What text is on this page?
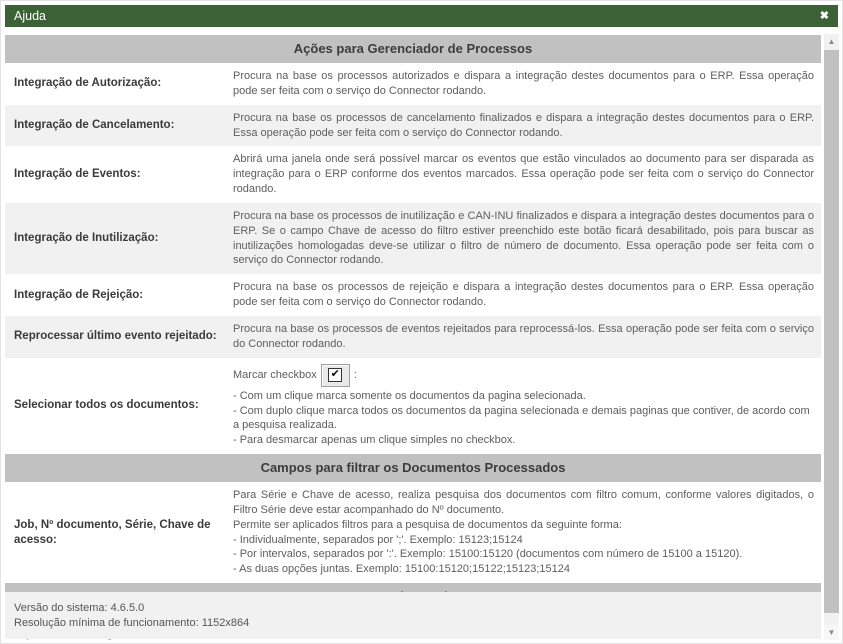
Ajuda	✖
Ações para Gerenciador de Processos
Integração de Autorização:
Procura na base os processos autorizados e dispara a integração destes documentos para o ERP. Essa operação pode ser feita com o serviço do Connector rodando.
Integração de Cancelamento:
Procura na base os processos de cancelamento finalizados e dispara a integração destes documentos para o ERP. Essa operação pode ser feita com o serviço do Connector rodando.
Integração de Eventos:
Abrirá uma janela onde será possível marcar os eventos que estão vinculados ao documento para ser disparada as integração para o ERP conforme dos eventos marcados. Essa operação pode ser feita com o serviço do Connector rodando.
Integração de Inutilização:
Procura na base os processos de inutilização e CAN-INU finalizados e dispara a integração destes documentos para o ERP. Se o campo Chave de acesso do filtro estiver preenchido este botão ficará desabilitado, pois para buscar as inutilizações homologadas deve-se utilizar o filtro de número de documento. Essa operação pode ser feita com o serviço do Connector rodando.
Integração de Rejeição:
Procura na base os processos de rejeição e dispara a integração destes documentos para o ERP. Essa operação pode ser feita com o serviço do Connector rodando.
Reprocessar último evento rejeitado:
Procura na base os processos de eventos rejeitados para reprocessá-los. Essa operação pode ser feita com o serviço do Connector rodando.
Selecionar todos os documentos:
Marcar checkbox ✔	:
- Com um clique marca somente os documentos da pagina selecionada.
- Com duplo clique marca todos os documentos da pagina selecionada e demais paginas que contiver, de acordo com a pesquisa realizada.
- Para desmarcar apenas um clique simples no checkbox.
Campos para filtrar os Documentos Processados
Job, Nº documento, Série, Chave de acesso:
Para Série e Chave de acesso, realiza pesquisa dos documentos com filtro comum, conforme valores digitados, o Filtro Série deve estar acompanhado do Nº documento.
Permite ser aplicados filtros para a pesquisa de documentos da seguinte forma:
- Individualmente, separados por ';'. Exemplo: 15123;15124
- Por intervalos, separados por ':'. Exemplo: 15100:15120 (documentos com número de 15100 a 15120).
- As duas opções juntas. Exemplo: 15100:15120;15122;15123;15124
Versão do sistema: 4.6.5.0
Resolução mínima de funcionamento: 1152x864
▲
▼
